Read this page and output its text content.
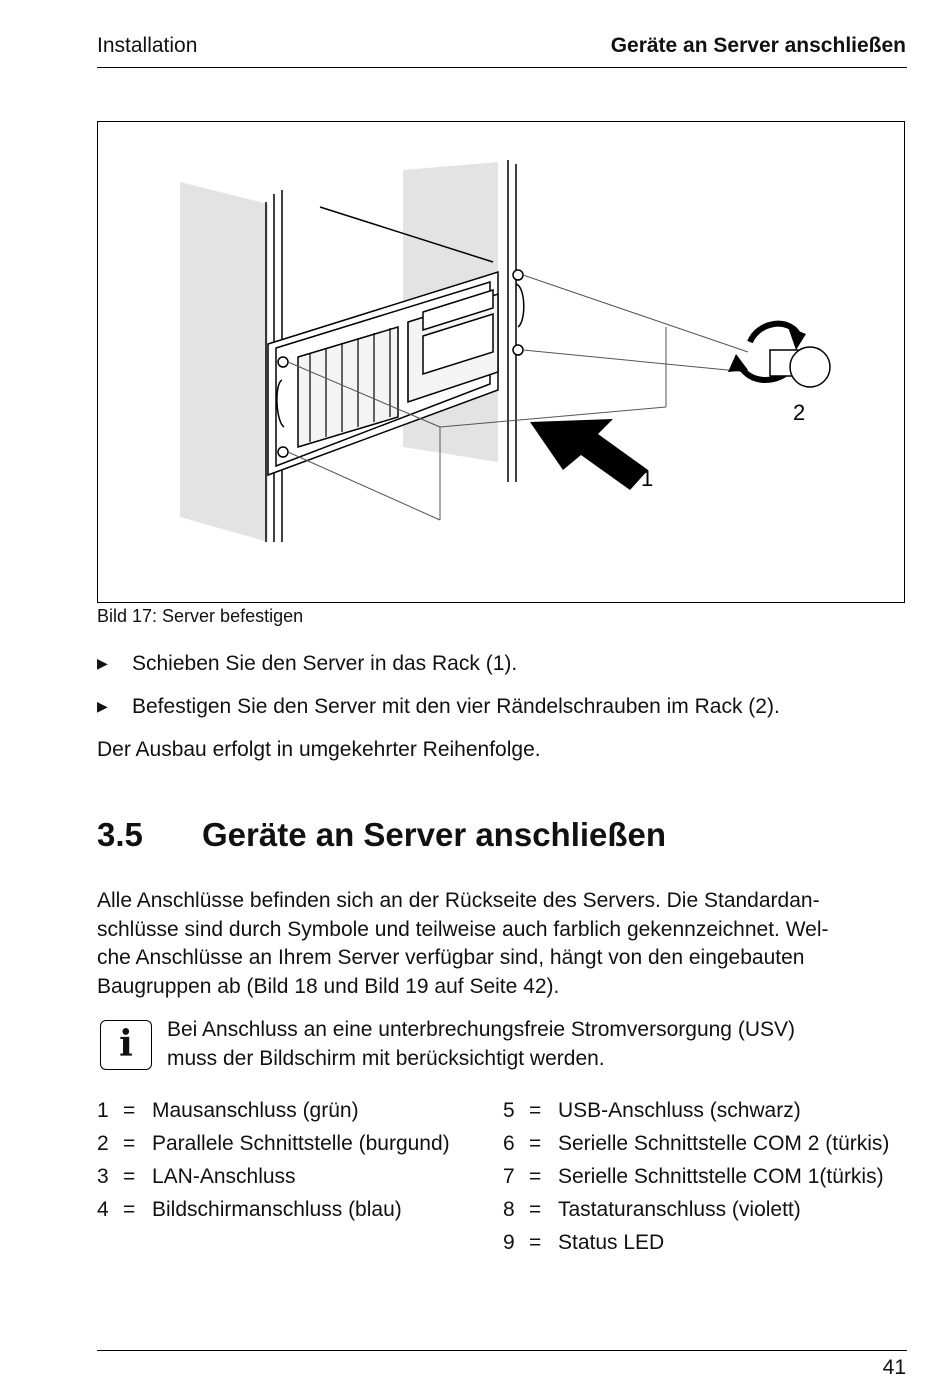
Installation	Geräte an Server anschließen
1
2
Bild 17: Server befestigen
▶ Schieben Sie den Server in das Rack (1).
▶ Befestigen Sie den Server mit den vier Rändelschrauben im Rack (2).
Der Ausbau erfolgt in umgekehrter Reihenfolge.
3.5 Geräte an Server anschließen
Alle Anschlüsse befinden sich an der Rückseite des Servers. Die Standardan-
schlüsse sind durch Symbole und teilweise auch farblich gekennzeichnet. Wel-
che Anschlüsse an Ihrem Server verfügbar sind, hängt von den eingebauten
Baugruppen ab (Bild 18 und Bild 19 auf Seite 42).
i	Bei Anschluss an eine unterbrechungsfreie Stromversorgung (USV)
muss der Bildschirm mit berücksichtigt werden.
1 = Mausanschluss (grün)
2 = Parallele Schnittstelle (burgund)
3 = LAN-Anschluss
4 = Bildschirmanschluss (blau)
5 = USB-Anschluss (schwarz)
6 = Serielle Schnittstelle COM 2 (türkis)
7 = Serielle Schnittstelle COM 1(türkis)
8 = Tastaturanschluss (violett)
9 = Status LED
41
